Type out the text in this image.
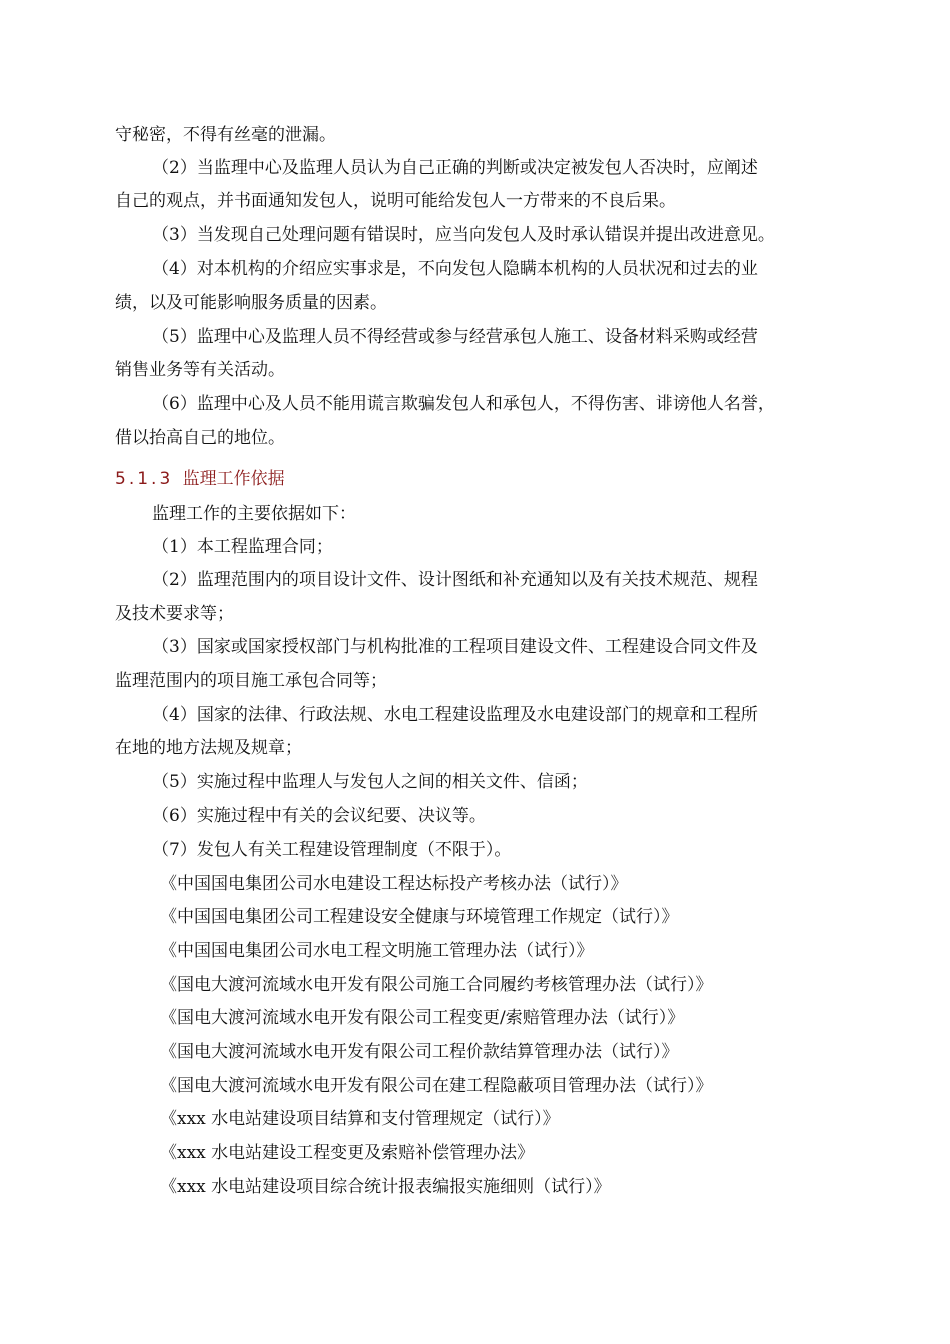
守秘密，不得有丝毫的泄漏。
（2）当监理中心及监理人员认为自己正确的判断或决定被发包人否决时，应阐述
自己的观点，并书面通知发包人，说明可能给发包人一方带来的不良后果。
（3）当发现自己处理问题有错误时，应当向发包人及时承认错误并提出改进意见。
（4）对本机构的介绍应实事求是，不向发包人隐瞒本机构的人员状况和过去的业
绩，以及可能影响服务质量的因素。
（5）监理中心及监理人员不得经营或参与经营承包人施工、设备材料采购或经营
销售业务等有关活动。
（6）监理中心及人员不能用谎言欺骗发包人和承包人，不得伤害、诽谤他人名誉，
借以抬高自己的地位。
5.1.3 监理工作依据
监理工作的主要依据如下：
（1）本工程监理合同；
（2）监理范围内的项目设计文件、设计图纸和补充通知以及有关技术规范、规程
及技术要求等；
（3）国家或国家授权部门与机构批准的工程项目建设文件、工程建设合同文件及
监理范围内的项目施工承包合同等；
（4）国家的法律、行政法规、水电工程建设监理及水电建设部门的规章和工程所
在地的地方法规及规章；
（5）实施过程中监理人与发包人之间的相关文件、信函；
（6）实施过程中有关的会议纪要、决议等。
（7）发包人有关工程建设管理制度（不限于）。
《中国国电集团公司水电建设工程达标投产考核办法（试行）》
《中国国电集团公司工程建设安全健康与环境管理工作规定（试行）》
《中国国电集团公司水电工程文明施工管理办法（试行）》
《国电大渡河流域水电开发有限公司施工合同履约考核管理办法（试行）》
《国电大渡河流域水电开发有限公司工程变更/索赔管理办法（试行）》
《国电大渡河流域水电开发有限公司工程价款结算管理办法（试行）》
《国电大渡河流域水电开发有限公司在建工程隐蔽项目管理办法（试行）》
《xxx 水电站建设项目结算和支付管理规定（试行）》
《xxx 水电站建设工程变更及索赔补偿管理办法》
《xxx 水电站建设项目综合统计报表编报实施细则（试行）》
